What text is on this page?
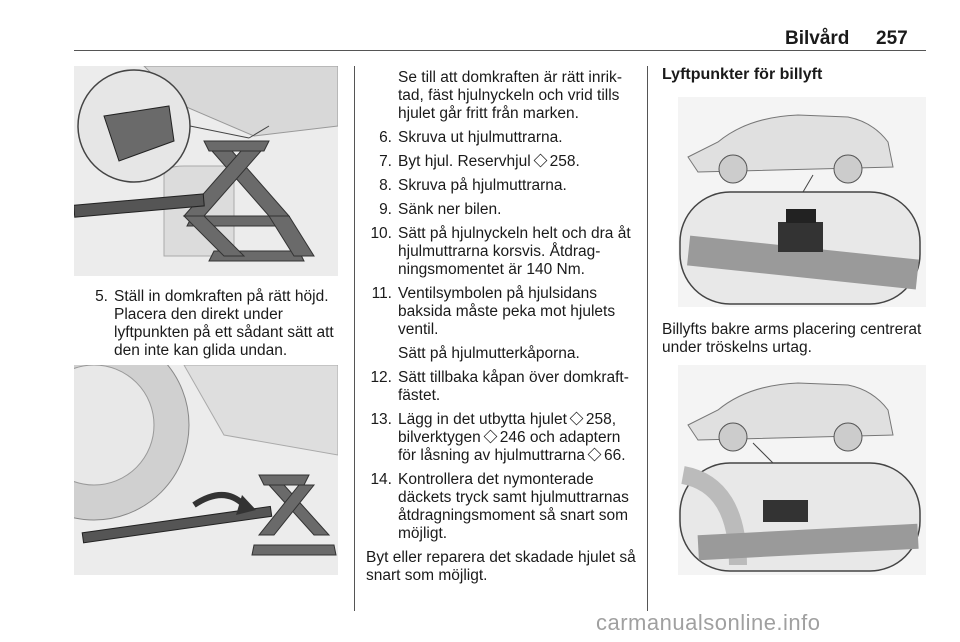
Bilvård 257
5. Ställ in domkraften på rätt höjd. Placera den direkt under lyftpunkten på ett sådant sätt att den inte kan glida undan.

Se till att domkraften är rätt inriktad, fäst hjulnyckeln och vrid tills hjulet går fritt från marken.

6. Skruva ut hjulmuttrarna.
7. Byt hjul. Reservhjul 258.
8. Skruva på hjulmuttrarna.
9. Sänk ner bilen.
10. Sätt på hjulnyckeln helt och dra åt hjulmuttrarna korsvis. Åtdragningsmomentet är 140 Nm.
11. Ventilsymbolen på hjulsidans baksida måste peka mot hjulets ventil.

Sätt på hjulmutterkåporna.

12. Sätt tillbaka kåpan över domkraftfästet.
13. Lägg in det utbytta hjulet 258,
bilverktygen 246 och adaptern
för låsning av hjulmuttrarna 66.
14. Kontrollera det nymonterade däckets tryck samt hjulmuttrarnas åtdragningsmoment så snart som möjligt.

Byt eller reparera det skadade hjulet så snart som möjligt.

Lyftpunkter för billyft
Billyfts bakre arms placering centrerat under tröskelns urtag.
carmanualsonline.info
